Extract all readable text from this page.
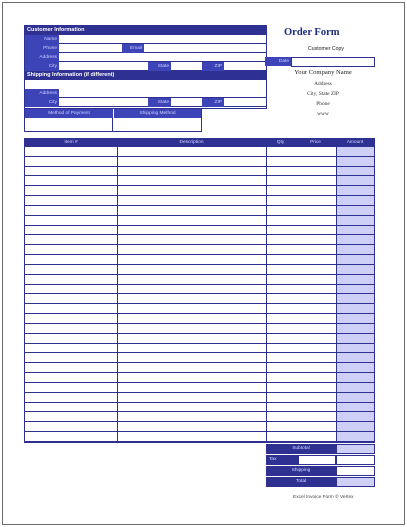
Customer Information
Name
Phone	Email
Address
City	State	ZIP
Shipping Information (if different)
Address
City	State	ZIP
Method of Payment	Shipping Method
Order Form
Customer Copy
Date
Your Company Name
Address
City, State ZIP
Phone
www
Item #	Description	Qty	Price	Amount
Subtotal
Tax
Shipping
Total
Excel Invoice Form © Vertex
